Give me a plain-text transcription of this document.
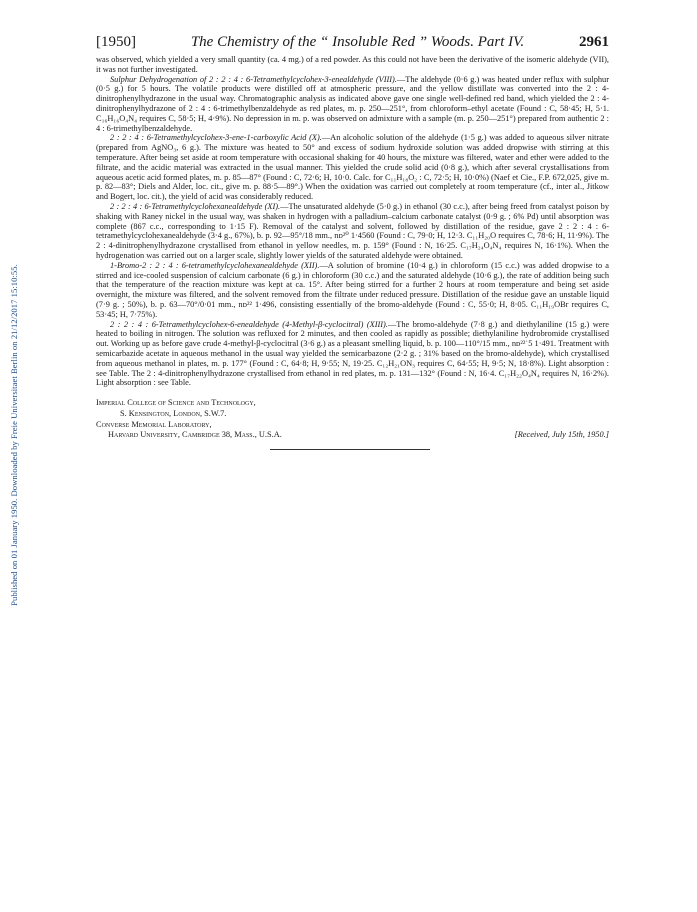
Published on 01 January 1950. Downloaded by Freie Universitaet Berlin on 21/12/2017 15:10:55.
[1950]	The Chemistry of the “ Insoluble Red ” Woods. Part IV.	2961

was observed, which yielded a very small quantity (ca. 4 mg.) of a red powder. As this could not have been the derivative of the isomeric aldehyde (VII), it was not further investigated.

Sulphur Dehydrogenation of 2 : 2 : 4 : 6-Tetramethylcyclohex-3-enealdehyde (VIII).—The aldehyde (0·6 g.) was heated under reflux with sulphur (0·5 g.) for 5 hours. The volatile products were distilled off at atmospheric pressure, and the yellow distillate was converted into the 2 : 4-dinitrophenylhydrazone in the usual way. Chromatographic analysis as indicated above gave one single well-defined red band, which yielded the 2 : 4-dinitrophenylhydrazone of 2 : 4 : 6-trimethylbenzaldehyde as red plates, m. p. 250—251°, from chloroform–ethyl acetate (Found : C, 58·45; H, 5·1. C₁₆H₁₆O₄N₄ requires C, 58·5; H, 4·9%). No depression in m. p. was observed on admixture with a sample (m. p. 250—251°) prepared from authentic 2 : 4 : 6-trimethylbenzaldehyde.

2 : 2 : 4 : 6-Tetramethylcyclohex-3-ene-1-carboxylic Acid (X).—An alcoholic solution of the aldehyde (1·5 g.) was added to aqueous silver nitrate (prepared from AgNO₃, 6 g.). The mixture was heated to 50° and excess of sodium hydroxide solution was added dropwise with stirring at this temperature. After being set aside at room temperature with occasional shaking for 40 hours, the mixture was filtered, water and ether were added to the filtrate, and the acidic material was extracted in the usual manner. This yielded the crude solid acid (0·8 g.), which after several crystallisations from aqueous acetic acid formed plates, m. p. 85—87° (Found : C, 72·6; H, 10·0. Calc. for C₁₁H₁₈O₂ : C, 72·5; H, 10·0%) (Naef et Cie., F.P. 672,025, give m. p. 82—83°; Diels and Alder, loc. cit., give m. p. 88·5—89°.) When the oxidation was carried out completely at room temperature (cf., inter al., Jitkow and Bogert, loc. cit.), the yield of acid was considerably reduced.

2 : 2 : 4 : 6-Tetramethylcyclohexanealdehyde (XI).—The unsaturated aldehyde (5·0 g.) in ethanol (30 c.c.), after being freed from catalyst poison by shaking with Raney nickel in the usual way, was shaken in hydrogen with a palladium–calcium carbonate catalyst (0·9 g. ; 6% Pd) until absorption was complete (867 c.c., corresponding to 1·15 F). Removal of the catalyst and solvent, followed by distillation of the residue, gave 2 : 2 : 4 : 6-tetramethylcyclohexanealdehyde (3·4 g., 67%), b. p. 92—95°/18 mm., nᴅ²⁰ 1·4560 (Found : C, 79·0; H, 12·3. C₁₁H₂₀O requires C, 78·6; H, 11·9%). The 2 : 4-dinitrophenylhydrazone crystallised from ethanol in yellow needles, m. p. 159° (Found : N, 16·25. C₁₇H₂₄O₄N₄ requires N, 16·1%). When the hydrogenation was carried out on a larger scale, slightly lower yields of the saturated aldehyde were obtained.

1-Bromo-2 : 2 : 4 : 6-tetramethylcyclohexanealdehyde (XII).—A solution of bromine (10·4 g.) in chloroform (15 c.c.) was added dropwise to a stirred and ice-cooled suspension of calcium carbonate (6 g.) in chloroform (30 c.c.) and the saturated aldehyde (10·6 g.), the rate of addition being such that the temperature of the reaction mixture was kept at ca. 15°. After being stirred for a further 2 hours at room temperature and being set aside overnight, the mixture was filtered, and the solvent removed from the filtrate under reduced pressure. Distillation of the residue gave an unstable liquid (7·9 g. ; 50%), b. p. 63—70°/0·01 mm., nᴅ²² 1·496, consisting essentially of the bromo-aldehyde (Found : C, 55·0; H, 8·05. C₁₁H₁₉OBr requires C, 53·45; H, 7·75%).

2 : 2 : 4 : 6-Tetramethylcyclohex-6-enealdehyde (4-Methyl-β-cyclocitral) (XIII).—The bromo-aldehyde (7·8 g.) and diethylaniline (15 g.) were heated to boiling in nitrogen. The solution was refluxed for 2 minutes, and then cooled as rapidly as possible; diethylaniline hydrobromide crystallised out. Working up as before gave crude 4-methyl-β-cyclocitral (3·6 g.) as a pleasant smelling liquid, b. p. 100—110°/15 mm., nᴅ²²˙5 1·491. Treatment with semicarbazide acetate in aqueous methanol in the usual way yielded the semicarbazone (2·2 g. ; 31% based on the bromo-aldehyde), which crystallised from aqueous methanol in plates, m. p. 177° (Found : C, 64·8; H, 9·55; N, 19·25. C₁₂H₂₁ON₃ requires C, 64·55; H, 9·5; N, 18·8%). Light absorption : see Table. The 2 : 4-dinitrophenylhydrazone crystallised from ethanol in red plates, m. p. 131—132° (Found : N, 16·4. C₁₇H₂₂O₄N₄ requires N, 16·2%). Light absorption : see Table.

Imperial College of Science and Technology,
S. Kensington, London, S.W.7.
Converse Memorial Laboratory,
Harvard University, Cambridge 38, Mass., U.S.A.	[Received, July 15th, 1950.]
